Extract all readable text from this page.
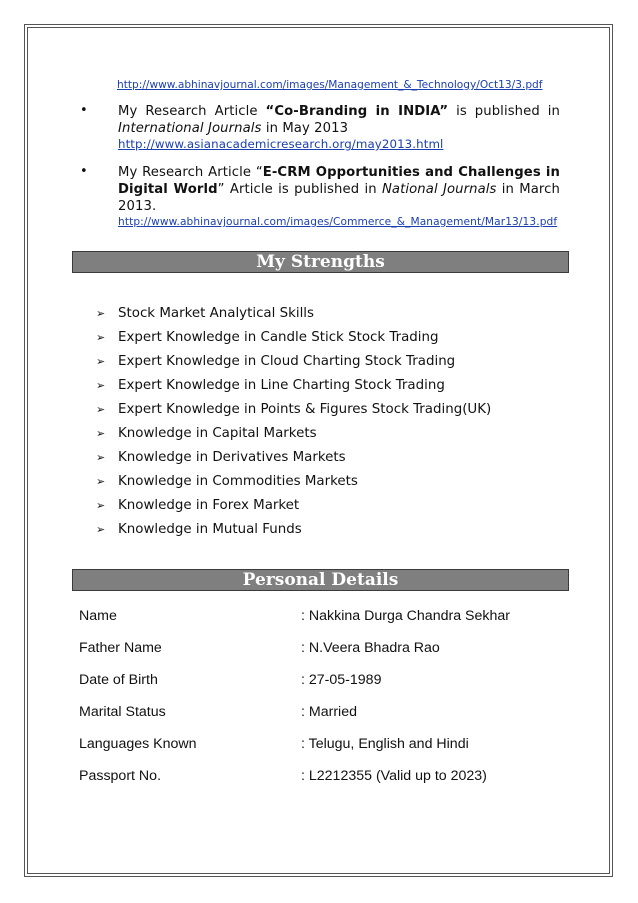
http://www.abhinavjournal.com/images/Management_&_Technology/Oct13/3.pdf
• My Research Article “Co-Branding in INDIA” is published in International Journals in May 2013
http://www.asianacademicresearch.org/may2013.html
• My Research Article “E-CRM Opportunities and Challenges in Digital World” Article is published in National Journals in March 2013.
http://www.abhinavjournal.com/images/Commerce_&_Management/Mar13/13.pdf
My Strengths
➢ Stock Market Analytical Skills
➢ Expert Knowledge in Candle Stick Stock Trading
➢ Expert Knowledge in Cloud Charting Stock Trading
➢ Expert Knowledge in Line Charting Stock Trading
➢ Expert Knowledge in Points & Figures Stock Trading(UK)
➢ Knowledge in Capital Markets
➢ Knowledge in Derivatives Markets
➢ Knowledge in Commodities Markets
➢ Knowledge in Forex Market
➢ Knowledge in Mutual Funds
Personal Details
Name	: Nakkina Durga Chandra Sekhar
Father Name	: N.Veera Bhadra Rao
Date of Birth	: 27-05-1989
Marital Status	: Married
Languages Known	: Telugu, English and Hindi
Passport No.	: L2212355 (Valid up to 2023)
